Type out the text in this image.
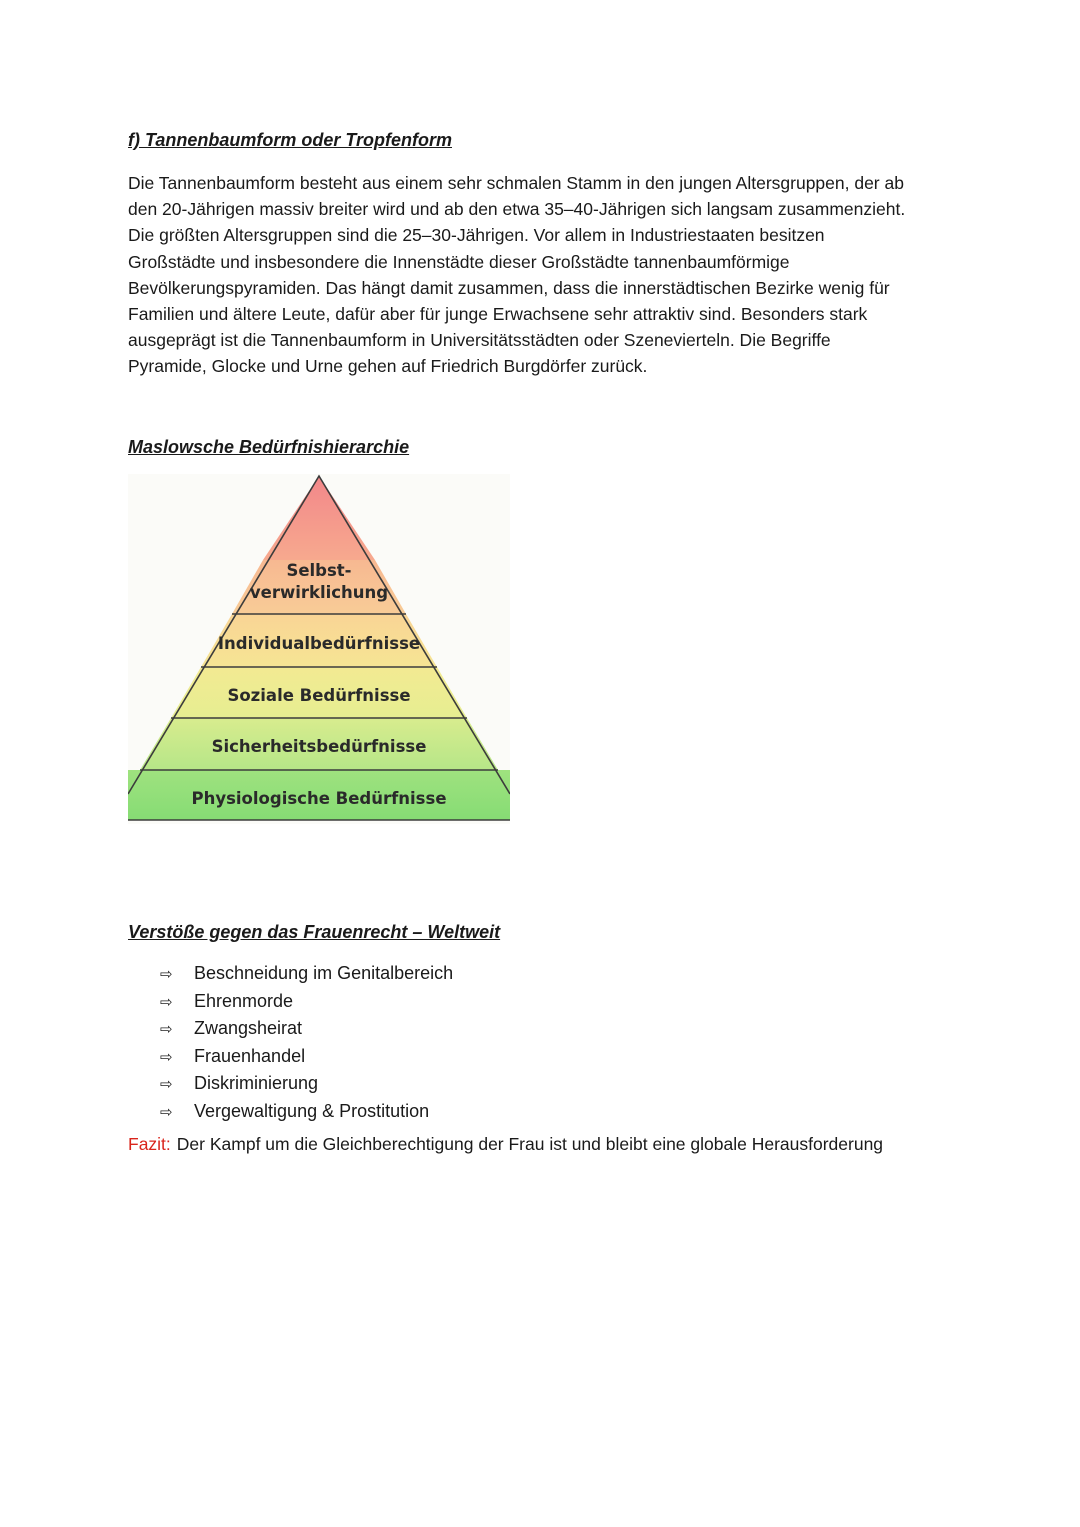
f) Tannenbaumform oder Tropfenform
Die Tannenbaumform besteht aus einem sehr schmalen Stamm in den jungen Altersgruppen, der ab
den 20-Jährigen massiv breiter wird und ab den etwa 35–40-Jährigen sich langsam zusammenzieht.
Die größten Altersgruppen sind die 25–30-Jährigen. Vor allem in Industriestaaten besitzen
Großstädte und insbesondere die Innenstädte dieser Großstädte tannenbaumförmige
Bevölkerungspyramiden. Das hängt damit zusammen, dass die innerstädtischen Bezirke wenig für
Familien und ältere Leute, dafür aber für junge Erwachsene sehr attraktiv sind. Besonders stark
ausgeprägt ist die Tannenbaumform in Universitätsstädten oder Szenevierteln. Die Begriffe
Pyramide, Glocke und Urne gehen auf Friedrich Burgdörfer zurück.
Maslowsche Bedürfnishierarchie
Selbst-
verwirklichung
Individualbedürfnisse
Soziale Bedürfnisse
Sicherheitsbedürfnisse
Physiologische Bedürfnisse
Verstöße gegen das Frauenrecht – Weltweit
⇨ Beschneidung im Genitalbereich
⇨ Ehrenmorde
⇨ Zwangsheirat
⇨ Frauenhandel
⇨ Diskriminierung
⇨ Vergewaltigung & Prostitution

Fazit: Der Kampf um die Gleichberechtigung der Frau ist und bleibt eine globale Herausforderung
